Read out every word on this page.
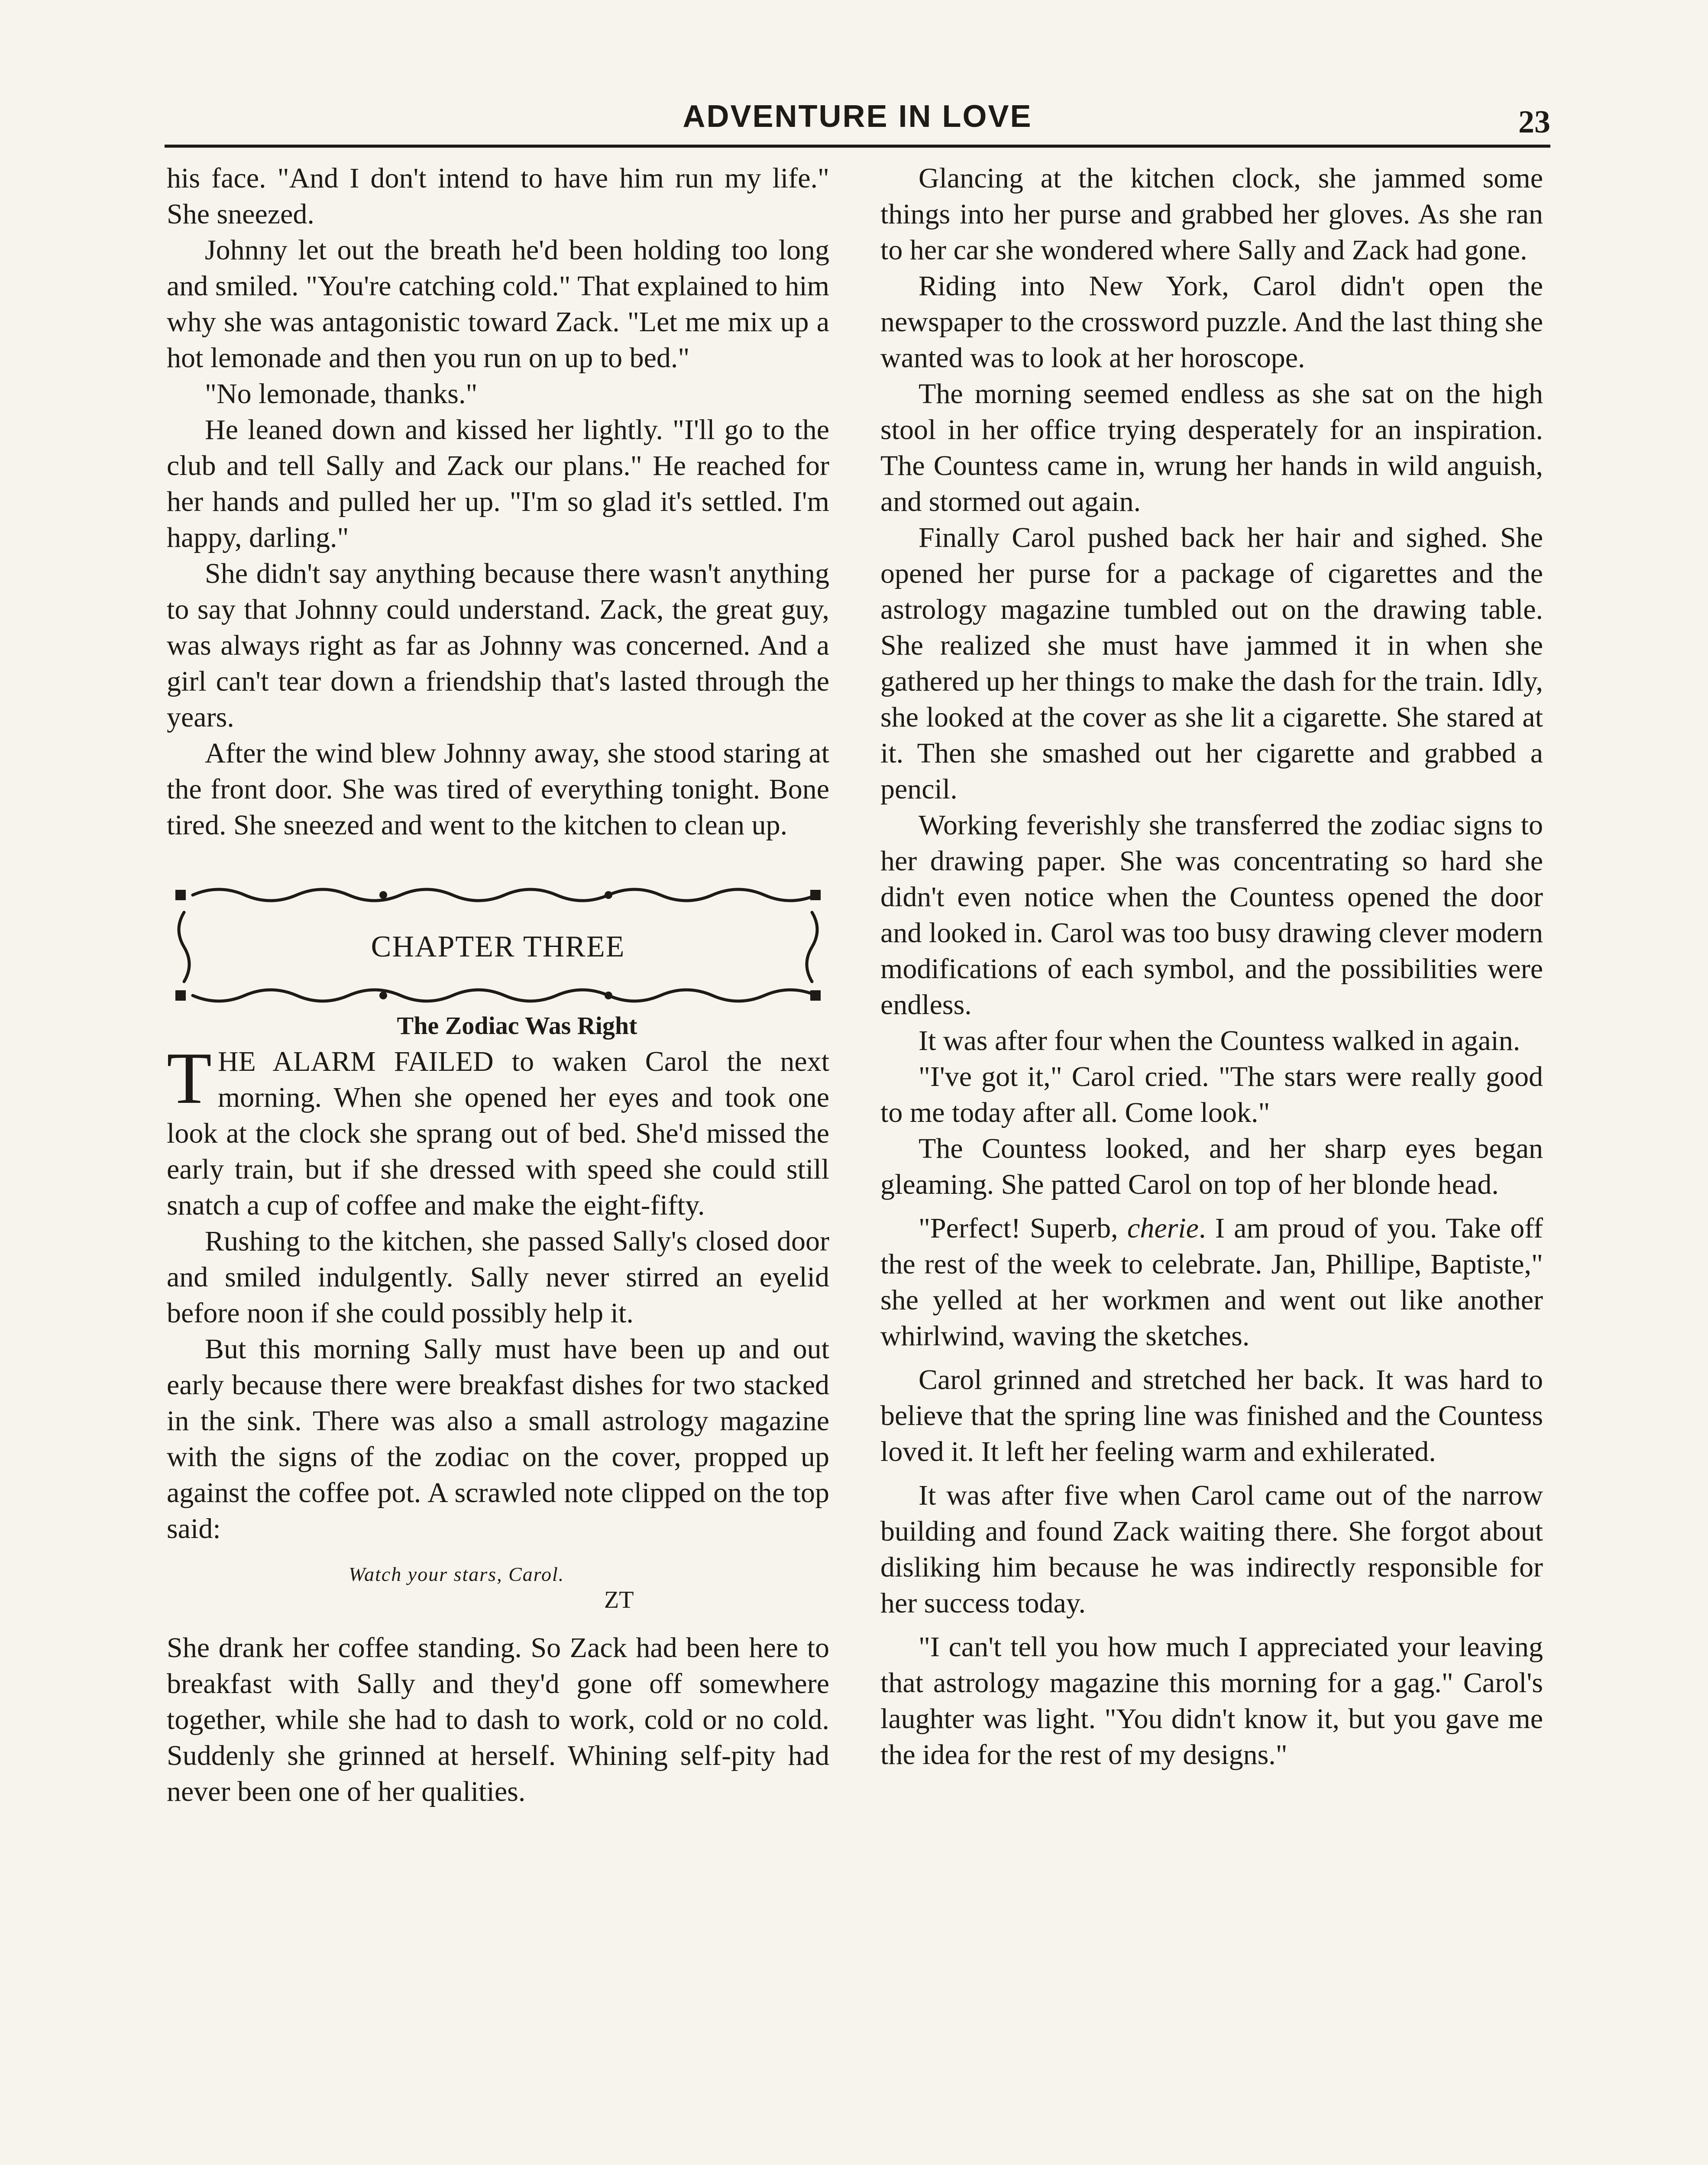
ADVENTURE IN LOVE	23

his face. "And I don't intend to have him run my life." She sneezed.

Johnny let out the breath he'd been holding too long and smiled. "You're catching cold." That explained to him why she was antagonistic toward Zack. "Let me mix up a hot lemonade and then you run on up to bed."

"No lemonade, thanks."

He leaned down and kissed her lightly. "I'll go to the club and tell Sally and Zack our plans." He reached for her hands and pulled her up. "I'm so glad it's settled. I'm happy, darling."

She didn't say anything because there wasn't anything to say that Johnny could understand. Zack, the great guy, was always right as far as Johnny was concerned. And a girl can't tear down a friendship that's lasted through the years.

After the wind blew Johnny away, she stood staring at the front door. She was tired of everything tonight. Bone tired. She sneezed and went to the kitchen to clean up.

CHAPTER THREE

The Zodiac Was Right

THE ALARM FAILED to waken Carol the next morning. When she opened her eyes and took one look at the clock she sprang out of bed. She'd missed the early train, but if she dressed with speed she could still snatch a cup of coffee and make the eight-fifty.

Rushing to the kitchen, she passed Sally's closed door and smiled indulgently. Sally never stirred an eyelid before noon if she could possibly help it.

But this morning Sally must have been up and out early because there were breakfast dishes for two stacked in the sink. There was also a small astrology magazine with the signs of the zodiac on the cover, propped up against the coffee pot. A scrawled note clipped on the top said:

Watch your stars, Carol.
ZT

She drank her coffee standing. So Zack had been here to breakfast with Sally and they'd gone off somewhere together, while she had to dash to work, cold or no cold. Suddenly she grinned at herself. Whining self-pity had never been one of her qualities.

Glancing at the kitchen clock, she jammed some things into her purse and grabbed her gloves. As she ran to her car she wondered where Sally and Zack had gone.

Riding into New York, Carol didn't open the newspaper to the crossword puzzle. And the last thing she wanted was to look at her horoscope.

The morning seemed endless as she sat on the high stool in her office trying desperately for an inspiration. The Countess came in, wrung her hands in wild anguish, and stormed out again.

Finally Carol pushed back her hair and sighed. She opened her purse for a package of cigarettes and the astrology magazine tumbled out on the drawing table. She realized she must have jammed it in when she gathered up her things to make the dash for the train. Idly, she looked at the cover as she lit a cigarette. She stared at it. Then she smashed out her cigarette and grabbed a pencil.

Working feverishly she transferred the zodiac signs to her drawing paper. She was concentrating so hard she didn't even notice when the Countess opened the door and looked in. Carol was too busy drawing clever modern modifications of each symbol, and the possibilities were endless.

It was after four when the Countess walked in again.

"I've got it," Carol cried. "The stars were really good to me today after all. Come look."

The Countess looked, and her sharp eyes began gleaming. She patted Carol on top of her blonde head.

"Perfect! Superb, cherie. I am proud of you. Take off the rest of the week to celebrate. Jan, Phillipe, Baptiste," she yelled at her workmen and went out like another whirlwind, waving the sketches.

Carol grinned and stretched her back. It was hard to believe that the spring line was finished and the Countess loved it. It left her feeling warm and exhilerated.

It was after five when Carol came out of the narrow building and found Zack waiting there. She forgot about disliking him because he was indirectly responsible for her success today.

"I can't tell you how much I appreciated your leaving that astrology magazine this morning for a gag." Carol's laughter was light. "You didn't know it, but you gave me the idea for the rest of my designs."
